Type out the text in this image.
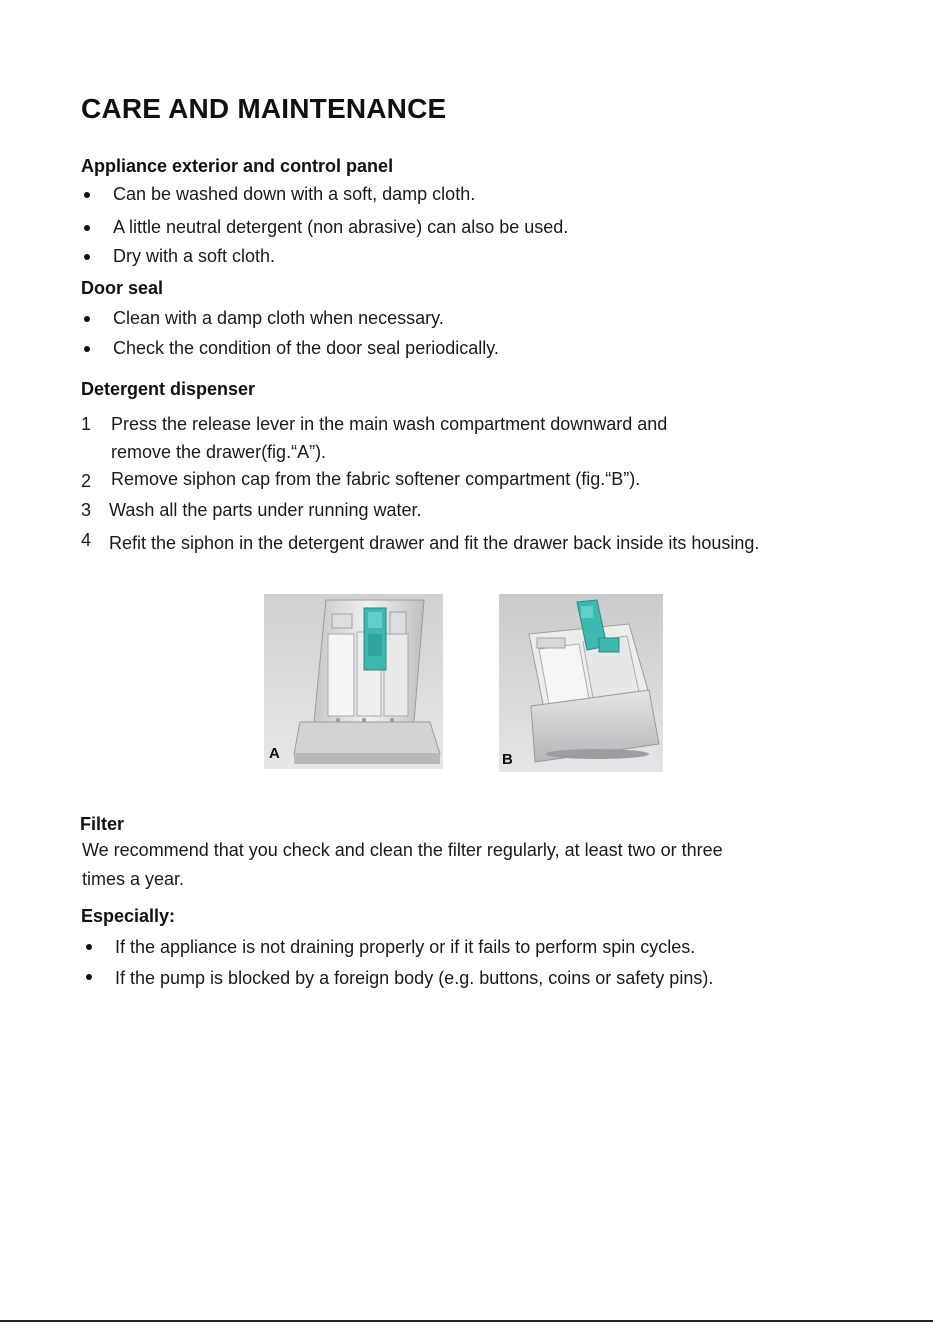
CARE AND MAINTENANCE
Appliance exterior and control panel
Can be washed down with a soft, damp cloth.
A little neutral detergent (non abrasive) can also be used.
Dry with a soft cloth.
Door seal
Clean with a damp cloth when necessary.
Check the condition of the door seal periodically.
Detergent dispenser
1 Press the release lever in the main wash compartment downward and
remove the drawer(fig.“A”).
2 Remove siphon cap from the fabric softener compartment (fig.“B”).
3 Wash all the parts under running water.
4 Refit the siphon in the detergent drawer and fit the drawer back inside its housing.
A	B
Filter
We recommend that you check and clean the filter regularly, at least two or three
times a year.
Especially:
If the appliance is not draining properly or if it fails to perform spin cycles.
If the pump is blocked by a foreign body (e.g. buttons, coins or safety pins).
